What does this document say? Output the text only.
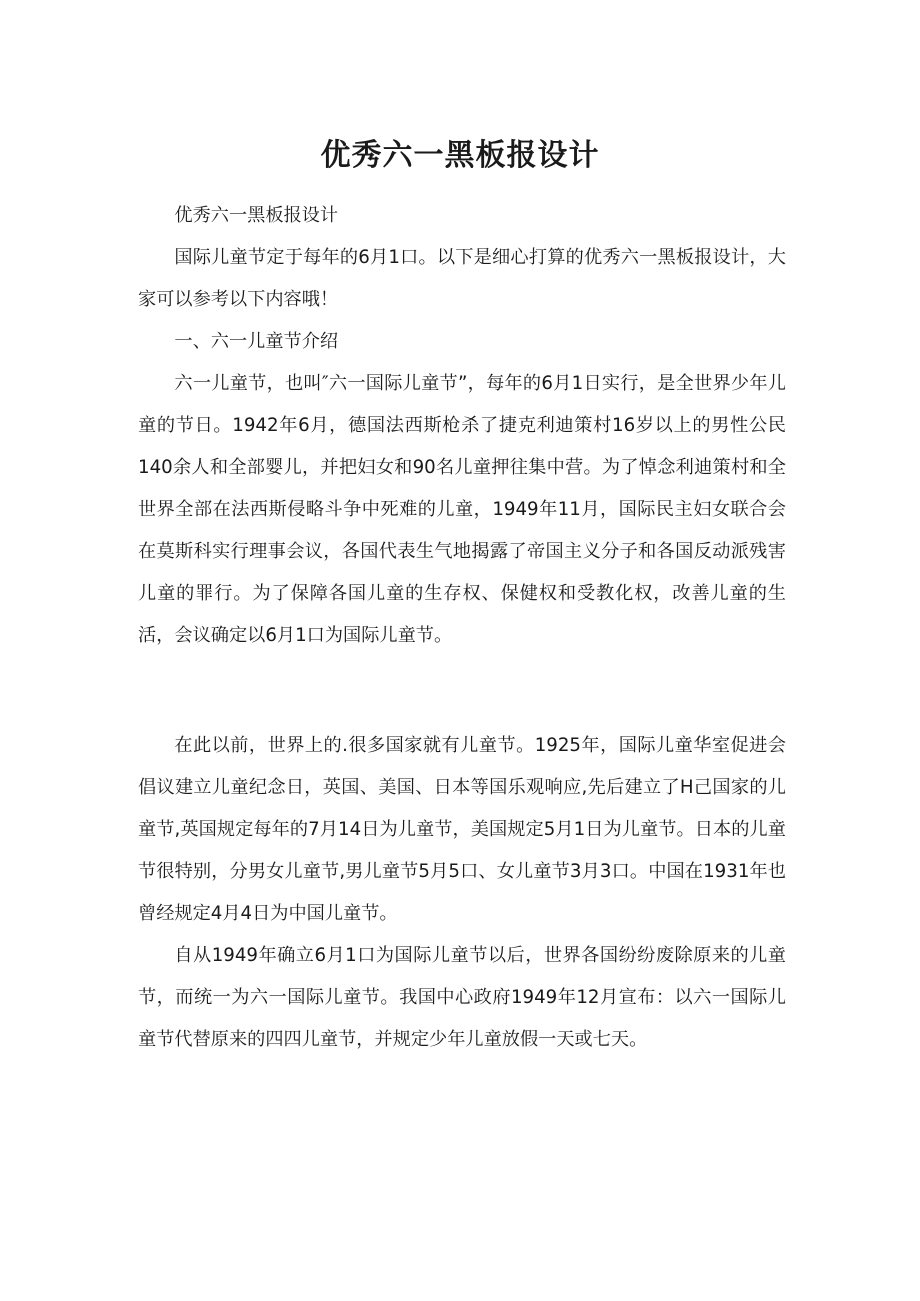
优秀六一黑板报设计

优秀六一黑板报设计

国际儿童节定于每年的6月1口。以下是细心打算的优秀六一黑板报设计，大家可以参考以下内容哦！

一、六一儿童节介绍

六一儿童节，也叫″六一国际儿童节”，每年的6月1日实行，是全世界少年儿童的节日。1942年6月，德国法西斯枪杀了捷克利迪策村16岁以上的男性公民140余人和全部婴儿，并把妇女和90名儿童押往集中营。为了悼念利迪策村和全世界全部在法西斯侵略斗争中死难的儿童，1949年11月，国际民主妇女联合会在莫斯科实行理事会议，各国代表生气地揭露了帝国主义分子和各国反动派残害儿童的罪行。为了保障各国儿童的生存权、保健权和受教化权，改善儿童的生活，会议确定以6月1口为国际儿童节。

在此以前，世界上的.很多国家就有儿童节。1925年，国际儿童华室促进会倡议建立儿童纪念日，英国、美国、日本等国乐观响应,先后建立了H己国家的儿童节,英国规定每年的7月14日为儿童节，美国规定5月1日为儿童节。日本的儿童节很特别，分男女儿童节,男儿童节5月5口、女儿童节3月3口。中国在1931年也曾经规定4月4日为中国儿童节。

自从1949年确立6月1口为国际儿童节以后，世界各国纷纷废除原来的儿童节，而统一为六一国际儿童节。我国中心政府1949年12月宣布：以六一国际儿童节代替原来的四四儿童节，并规定少年儿童放假一天或七天。
